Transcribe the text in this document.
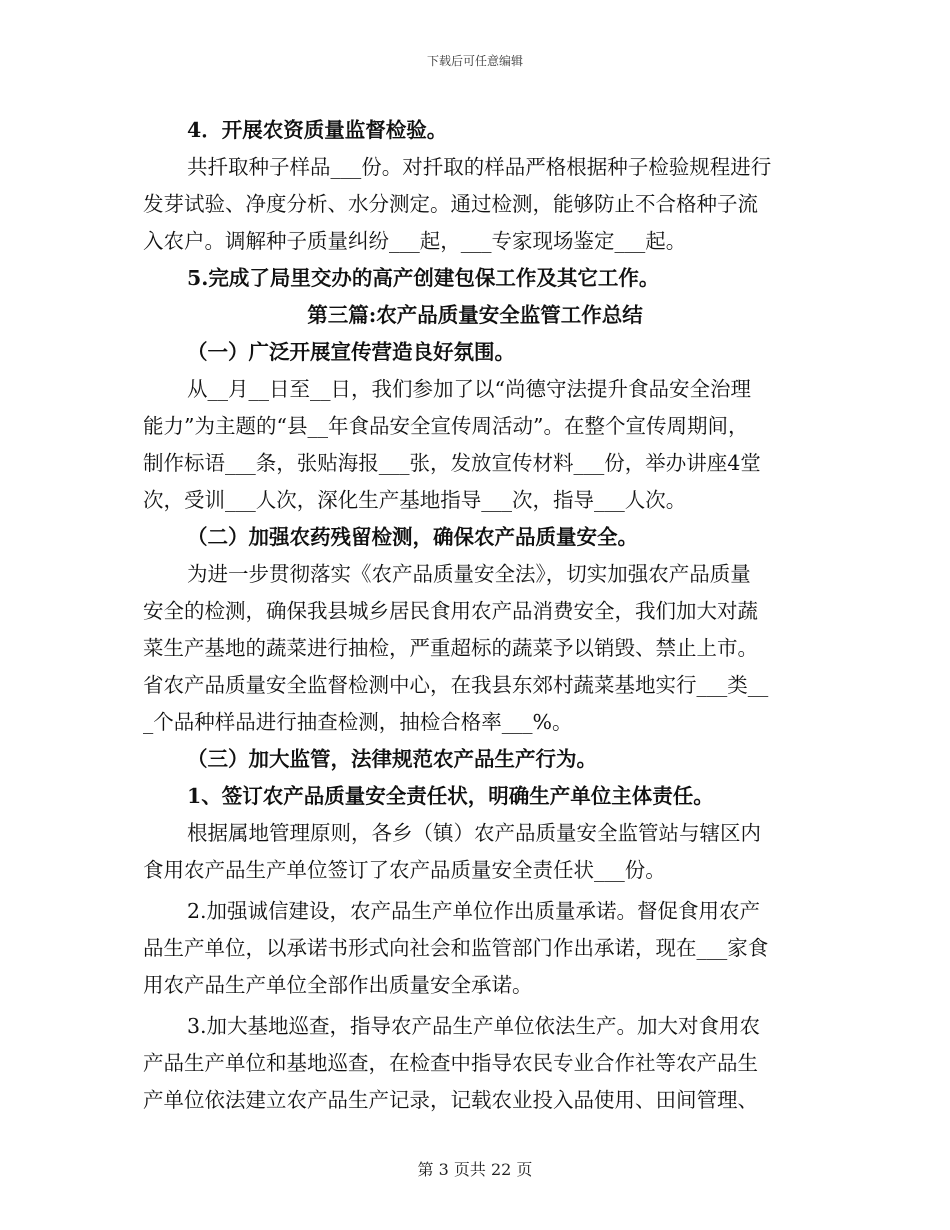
下载后可任意编辑
4．开展农资质量监督检验。
共扦取种子样品___份。对扦取的样品严格根据种子检验规程进行
发芽试验、净度分析、水分测定。通过检测，能够防止不合格种子流
入农户。调解种子质量纠纷___起，___专家现场鉴定___起。
5.完成了局里交办的高产创建包保工作及其它工作。
第三篇:农产品质量安全监管工作总结
（一）广泛开展宣传营造良好氛围。
从__月__日至__日，我们参加了以“尚德守法提升食品安全治理
能力”为主题的“县__年食品安全宣传周活动”。在整个宣传周期间，
制作标语___条，张贴海报___张，发放宣传材料___份，举办讲座4堂
次，受训___人次，深化生产基地指导___次，指导___人次。
（二）加强农药残留检测，确保农产品质量安全。
为进一步贯彻落实《农产品质量安全法》，切实加强农产品质量
安全的检测，确保我县城乡居民食用农产品消费安全，我们加大对蔬
菜生产基地的蔬菜进行抽检，严重超标的蔬菜予以销毁、禁止上市。
省农产品质量安全监督检测中心，在我县东郊村蔬菜基地实行___类__
_个品种样品进行抽查检测，抽检合格率___%。
（三）加大监管，法律规范农产品生产行为。
1、签订农产品质量安全责任状，明确生产单位主体责任。
根据属地管理原则，各乡（镇）农产品质量安全监管站与辖区内
食用农产品生产单位签订了农产品质量安全责任状___份。
2.加强诚信建设，农产品生产单位作出质量承诺。督促食用农产
品生产单位，以承诺书形式向社会和监管部门作出承诺，现在___家食
用农产品生产单位全部作出质量安全承诺。
3.加大基地巡查，指导农产品生产单位依法生产。加大对食用农
产品生产单位和基地巡查，在检查中指导农民专业合作社等农产品生
产单位依法建立农产品生产记录，记载农业投入品使用、田间管理、
第 3 页共 22 页
